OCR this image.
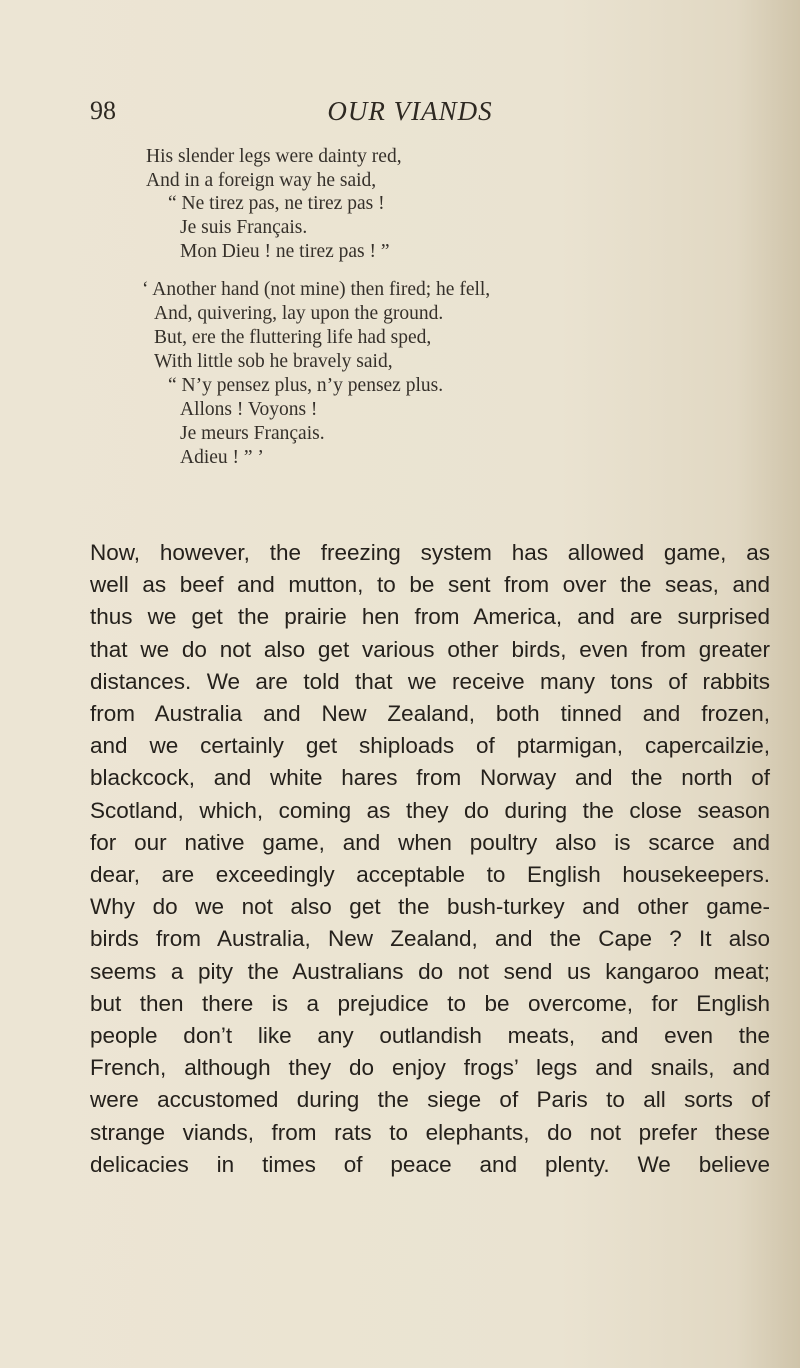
98	OUR VIANDS
His slender legs were dainty red,
And in a foreign way he said,
“ Ne tirez pas, ne tirez pas !
Je suis Français.
Mon Dieu ! ne tirez pas ! ”
‘ Another hand (not mine) then fired; he fell,
And, quivering, lay upon the ground.
But, ere the fluttering life had sped,
With little sob he bravely said,
“ N’y pensez plus, n’y pensez plus.
Allons ! Voyons !
Je meurs Français.
Adieu ! ” ’
Now, however, the freezing system has allowed game, as
well as beef and mutton, to be sent from over the seas, and
thus we get the prairie hen from America, and are surprised
that we do not also get various other birds, even from greater
distances. We are told that we receive many tons of rabbits
from Australia and New Zealand, both tinned and frozen,
and we certainly get shiploads of ptarmigan, capercailzie,
blackcock, and white hares from Norway and the north of
Scotland, which, coming as they do during the close season
for our native game, and when poultry also is scarce and
dear, are exceedingly acceptable to English housekeepers.
Why do we not also get the bush-turkey and other game-
birds from Australia, New Zealand, and the Cape ? It also
seems a pity the Australians do not send us kangaroo meat;
but then there is a prejudice to be overcome, for English
people don’t like any outlandish meats, and even the
French, although they do enjoy frogs’ legs and snails, and
were accustomed during the siege of Paris to all sorts of
strange viands, from rats to elephants, do not prefer these
delicacies in times of peace and plenty. We believe
